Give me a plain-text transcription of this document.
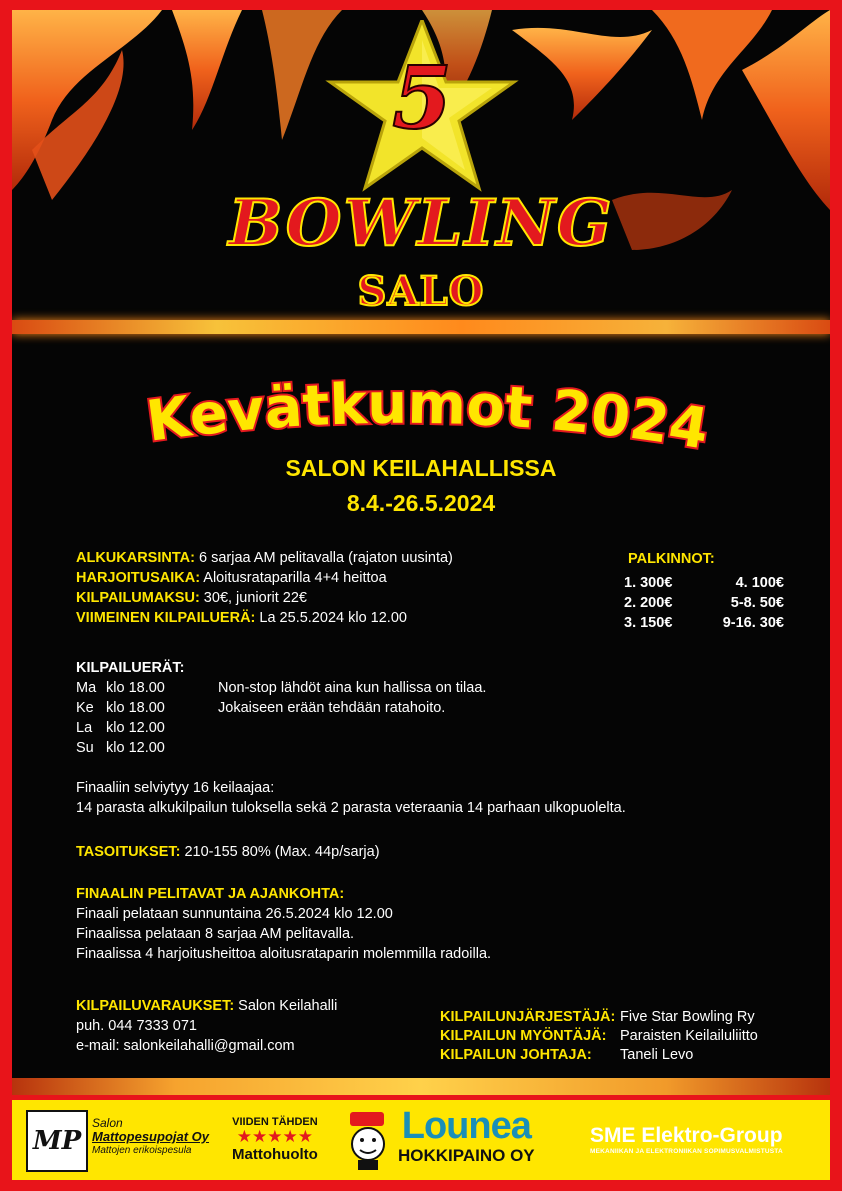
5
BOWLING
SALO
Kevätkumot 2024
SALON KEILAHALLISSA
8.4.-26.5.2024
ALKUKARSINTA: 6 sarjaa AM pelitavalla (rajaton uusinta)
HARJOITUSAIKA: Aloitusrataparilla 4+4 heittoa
KILPAILUMAKSU: 30€, juniorit 22€
VIIMEINEN KILPAILUERÄ: La 25.5.2024 klo 12.00
PALKINNOT:
1. 300€	4. 100€
2. 200€	5-8. 50€
3. 150€	9-16. 30€
KILPAILUERÄT:
Ma klo 18.00
Ke klo 18.00
La klo 12.00
Su klo 12.00
Non-stop lähdöt aina kun hallissa on tilaa.
Jokaiseen erään tehdään ratahoito.
Finaaliin selviytyy 16 keilaajaa:
14 parasta alkukilpailun tuloksella sekä 2 parasta veteraania 14 parhaan ulkopuolelta.
TASOITUKSET: 210-155 80% (Max. 44p/sarja)
FINAALIN PELITAVAT JA AJANKOHTA:
Finaali pelataan sunnuntaina 26.5.2024 klo 12.00
Finaalissa pelataan 8 sarjaa AM pelitavalla.
Finaalissa 4 harjoitusheittoa aloitusrataparin molemmilla radoilla.
KILPAILUVARAUKSET: Salon Keilahalli
puh. 044 7333 071
e-mail: salonkeilahalli@gmail.com
KILPAILUNJÄRJESTÄJÄ: Five Star Bowling Ry
KILPAILUN MYÖNTÄJÄ: Paraisten Keilailuliitto
KILPAILUN JOHTAJA:	Taneli Levo
MP
Salon
Mattopesupojat Oy
Mattojen erikoispesula
VIIDEN TÄHDEN
★★★★★
Mattohuolto
Lounea
HOKKIPAINO OY
SME Elektro-Group
MEKANIIKAN JA ELEKTRONIIKAN SOPIMUSVALMISTUSTA
